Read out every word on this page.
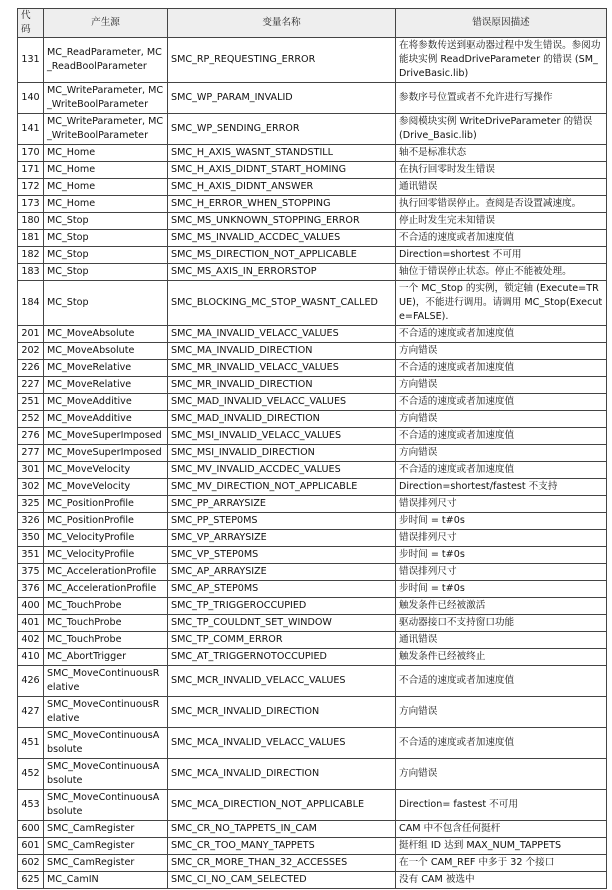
代码	产生源	变量名称	错误原因描述
131	MC_ReadParameter, MC_ReadBoolParameter	SMC_RP_REQUESTING_ERROR	在将参数传送到驱动器过程中发生错误。参阅功能块实例 ReadDriveParameter 的错误 (SM_DriveBasic.lib)
140	MC_WriteParameter, MC_WriteBoolParameter	SMC_WP_PARAM_INVALID	参数序号位置或者不允许进行写操作
141	MC_WriteParameter, MC_WriteBoolParameter	SMC_WP_SENDING_ERROR	参阅模块实例 WriteDriveParameter 的错误 (Drive_Basic.lib)
170	MC_Home	SMC_H_AXIS_WASNT_STANDSTILL	轴不是标准状态
171	MC_Home	SMC_H_AXIS_DIDNT_START_HOMING	在执行回零时发生错误
172	MC_Home	SMC_H_AXIS_DIDNT_ANSWER	通讯错误
173	MC_Home	SMC_H_ERROR_WHEN_STOPPING	执行回零错误停止。查阅是否设置减速度。
180	MC_Stop	SMC_MS_UNKNOWN_STOPPING_ERROR	停止时发生完未知错误
181	MC_Stop	SMC_MS_INVALID_ACCDEC_VALUES	不合适的速度或者加速度值
182	MC_Stop	SMC_MS_DIRECTION_NOT_APPLICABLE	Direction=shortest 不可用
183	MC_Stop	SMC_MS_AXIS_IN_ERRORSTOP	轴位于错误停止状态。停止不能被处理。
184	MC_Stop	SMC_BLOCKING_MC_STOP_WASNT_CALLED	一个 MC_Stop 的实例，锁定轴 (Execute=TRUE)，不能进行调用。请调用 MC_Stop(Execute=FALSE).
201	MC_MoveAbsolute	SMC_MA_INVALID_VELACC_VALUES	不合适的速度或者加速度值
202	MC_MoveAbsolute	SMC_MA_INVALID_DIRECTION	方向错误
226	MC_MoveRelative	SMC_MR_INVALID_VELACC_VALUES	不合适的速度或者加速度值
227	MC_MoveRelative	SMC_MR_INVALID_DIRECTION	方向错误
251	MC_MoveAdditive	SMC_MAD_INVALID_VELACC_VALUES	不合适的速度或者加速度值
252	MC_MoveAdditive	SMC_MAD_INVALID_DIRECTION	方向错误
276	MC_MoveSuperImposed	SMC_MSI_INVALID_VELACC_VALUES	不合适的速度或者加速度值
277	MC_MoveSuperImposed	SMC_MSI_INVALID_DIRECTION	方向错误
301	MC_MoveVelocity	SMC_MV_INVALID_ACCDEC_VALUES	不合适的速度或者加速度值
302	MC_MoveVelocity	SMC_MV_DIRECTION_NOT_APPLICABLE	Direction=shortest/fastest 不支持
325	MC_PositionProfile	SMC_PP_ARRAYSIZE	错误排列尺寸
326	MC_PositionProfile	SMC_PP_STEP0MS	步时间 = t#0s
350	MC_VelocityProfile	SMC_VP_ARRAYSIZE	错误排列尺寸
351	MC_VelocityProfile	SMC_VP_STEP0MS	步时间 = t#0s
375	MC_AccelerationProfile	SMC_AP_ARRAYSIZE	错误排列尺寸
376	MC_AccelerationProfile	SMC_AP_STEP0MS	步时间 = t#0s
400	MC_TouchProbe	SMC_TP_TRIGGEROCCUPIED	触发条件已经被激活
401	MC_TouchProbe	SMC_TP_COULDNT_SET_WINDOW	驱动器接口不支持窗口功能
402	MC_TouchProbe	SMC_TP_COMM_ERROR	通讯错误
410	MC_AbortTrigger	SMC_AT_TRIGGERNOTOCCUPIED	触发条件已经被终止
426	SMC_MoveContinuousRelative	SMC_MCR_INVALID_VELACC_VALUES	不合适的速度或者加速度值
427	SMC_MoveContinuousRelative	SMC_MCR_INVALID_DIRECTION	方向错误
451	SMC_MoveContinuousAbsolute	SMC_MCA_INVALID_VELACC_VALUES	不合适的速度或者加速度值
452	SMC_MoveContinuousAbsolute	SMC_MCA_INVALID_DIRECTION	方向错误
453	SMC_MoveContinuousAbsolute	SMC_MCA_DIRECTION_NOT_APPLICABLE	Direction= fastest 不可用
600	SMC_CamRegister	SMC_CR_NO_TAPPETS_IN_CAM	CAM 中不包含任何挺杆
601	SMC_CamRegister	SMC_CR_TOO_MANY_TAPPETS	挺杆组 ID 达到 MAX_NUM_TAPPETS
602	SMC_CamRegister	SMC_CR_MORE_THAN_32_ACCESSES	在一个 CAM_REF 中多于 32 个接口
625	MC_CamIN	SMC_CI_NO_CAM_SELECTED	没有 CAM 被选中
